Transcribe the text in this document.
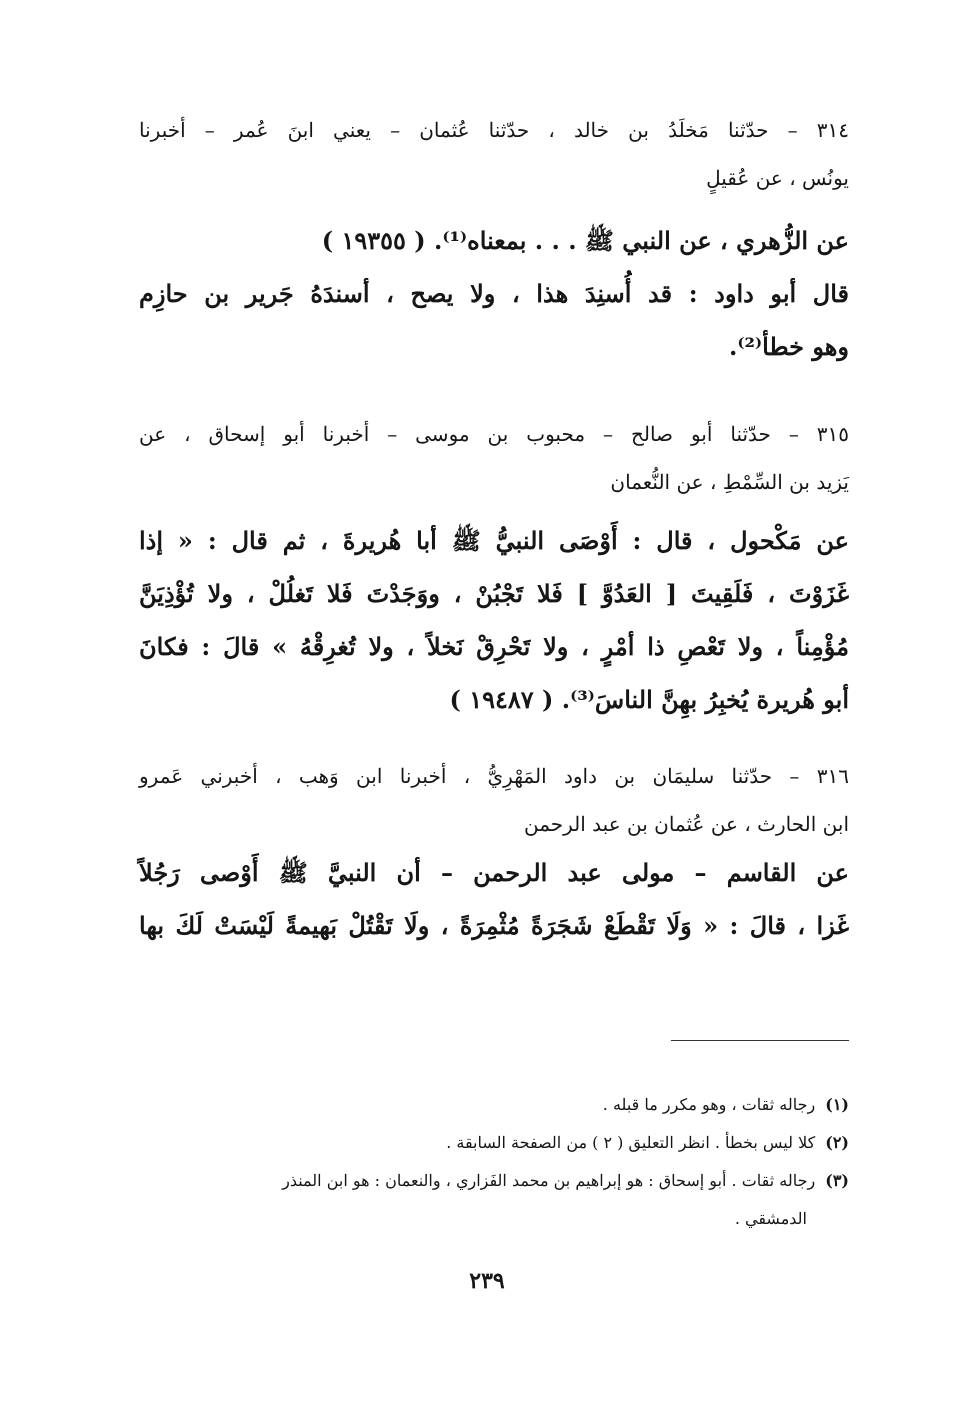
٣١٤ – حدّثنا مَخلَدُ بن خالد ، حدّثنا عُثمان – يعني ابنَ عُمر – أخبرنا
يونُس ، عن عُقيلٍ
عن الزُّهري ، عن النبي ﷺ . . . بمعناه⁽¹⁾. ( ١٩٣٥٥ )
قال أبو داود : قد أُسنِدَ هذا ، ولا يصح ، أسندَهُ جَرير بن حازِم
وهو خطأ⁽²⁾.
٣١٥ – حدّثنا أبو صالح – محبوب بن موسى – أخبرنا أبو إسحاق ، عن
يَزيد بن السِّمْطِ ، عن النُّعمان
عن مَكْحول ، قال : أَوْصَى النبيُّ ﷺ أبا هُريرةَ ، ثم قال : « إذا
غَزَوْتَ ، فَلَقِيتَ [ العَدُوَّ ] فَلا تَجْبُنْ ، ووَجَدْتَ فَلا تَغلُلْ ، ولا تُؤْذِيَنَّ
مُؤْمِناً ، ولا تَعْصِ ذا أمْرٍ ، ولا تَحْرِقْ نَخلاً ، ولا تُغرِقْهُ » قالَ : فكانَ
أبو هُريرة يُخبِرُ بهِنَّ الناسَ⁽³⁾. ( ١٩٤٨٧ )
٣١٦ – حدّثنا سليمَان بن داود المَهْرِيُّ ، أخبرنا ابن وَهب ، أخبرني عَمرو
ابن الحارث ، عن عُثمان بن عبد الرحمن
عن القاسم – مولى عبد الرحمن – أن النبيَّ ﷺ أَوْصى رَجُلاً
غَزا ، قالَ : « وَلَا تَقْطَعْ شَجَرَةً مُثْمِرَةً ، ولَا تَقْتُلْ بَهيمةً لَيْسَتْ لَكَ بها
(١)رجاله ثقات ، وهو مكرر ما قبله .
(٢)كلا ليس بخطأ . انظر التعليق ( ٢ ) من الصفحة السابقة .
(٣)رجاله ثقات . أبو إسحاق : هو إبراهيم بن محمد الفَزاري ، والنعمان : هو ابن المنذر
الدمشقي .
٢٣٩
